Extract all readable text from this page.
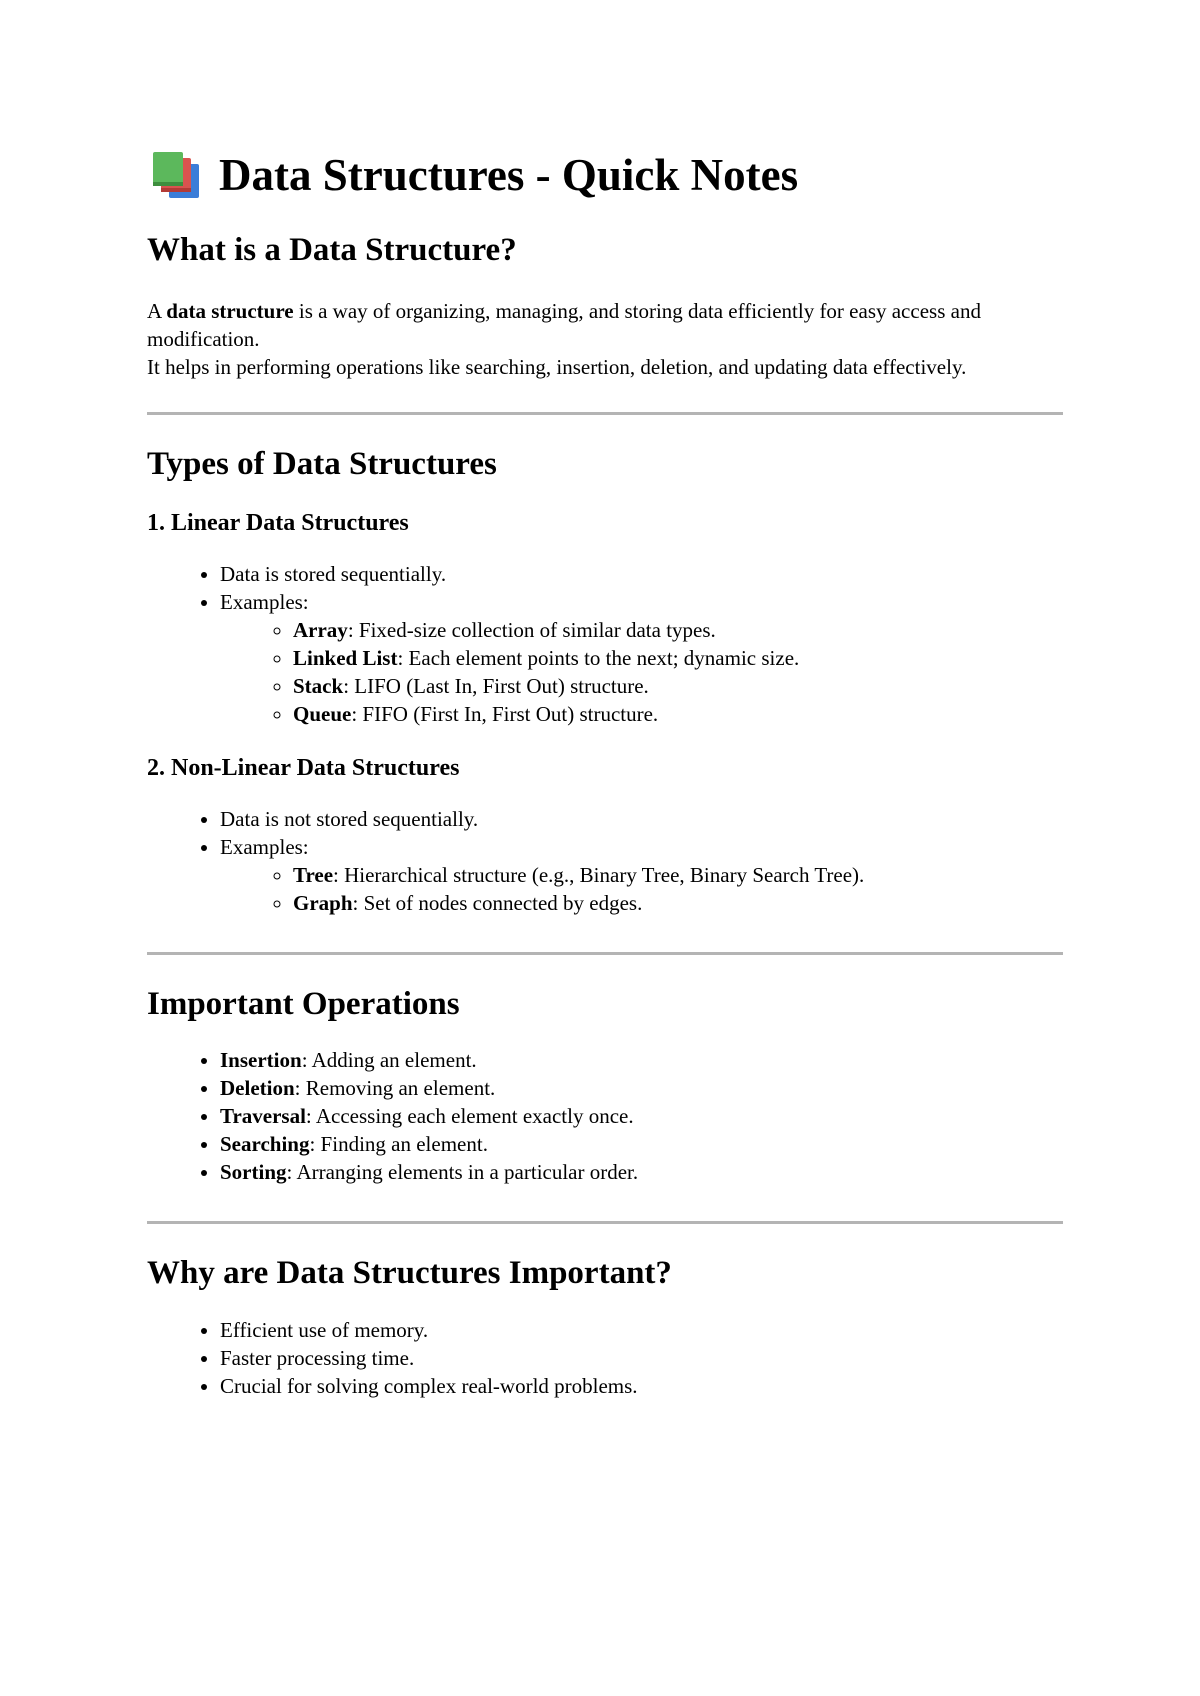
Data Structures - Quick Notes
What is a Data Structure?

A data structure is a way of organizing, managing, and storing data efficiently for easy access and modification.
It helps in performing operations like searching, insertion, deletion, and updating data effectively.

Types of Data Structures
1. Linear Data Structures
• Data is stored sequentially.
• Examples:
◦ Array: Fixed-size collection of similar data types.
◦ Linked List: Each element points to the next; dynamic size.
◦ Stack: LIFO (Last In, First Out) structure.
◦ Queue: FIFO (First In, First Out) structure.
2. Non-Linear Data Structures
• Data is not stored sequentially.
• Examples:
◦ Tree: Hierarchical structure (e.g., Binary Tree, Binary Search Tree).
◦ Graph: Set of nodes connected by edges.
Important Operations
• Insertion: Adding an element.
• Deletion: Removing an element.
• Traversal: Accessing each element exactly once.
• Searching: Finding an element.
• Sorting: Arranging elements in a particular order.
Why are Data Structures Important?
• Efficient use of memory.
• Faster processing time.
• Crucial for solving complex real-world problems.
